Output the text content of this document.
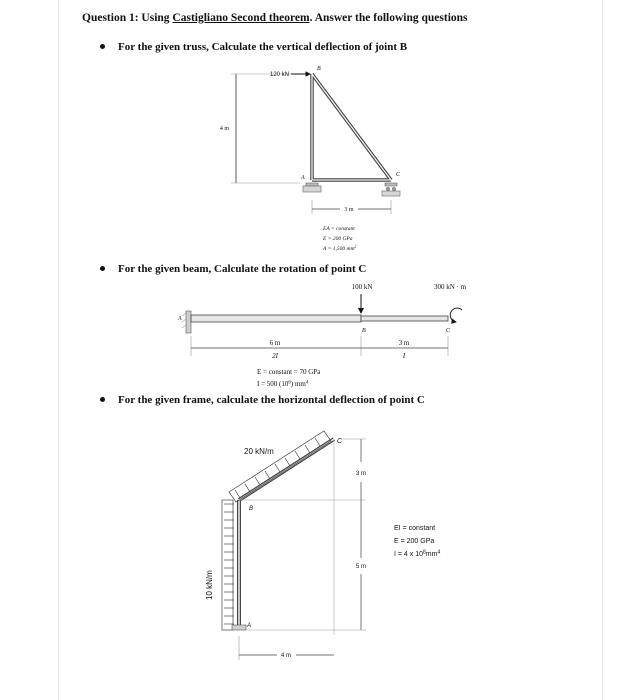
Question 1: Using Castigliano Second theorem. Answer the following questions
For the given truss, Calculate the vertical deflection of joint B
For the given beam, Calculate the rotation of point C
For the given frame, calculate the horizontal deflection of point C
4 m
120 kN
B
A	C
3 m
EA = constant
E = 200 GPa
A = 1,500 $mm^2$
A
100 kN
B
300 kN · m
C
6 m
2I
3 m
I
E = constant = 70 GPa
I = 500 $(10^6)$ $mm^4$
10 kN/m
20 kN/m
A
B
C
3 m
5 m
4 m
EI = constant
E = 200 GPa
I = 4 x $10^8mm^4$
